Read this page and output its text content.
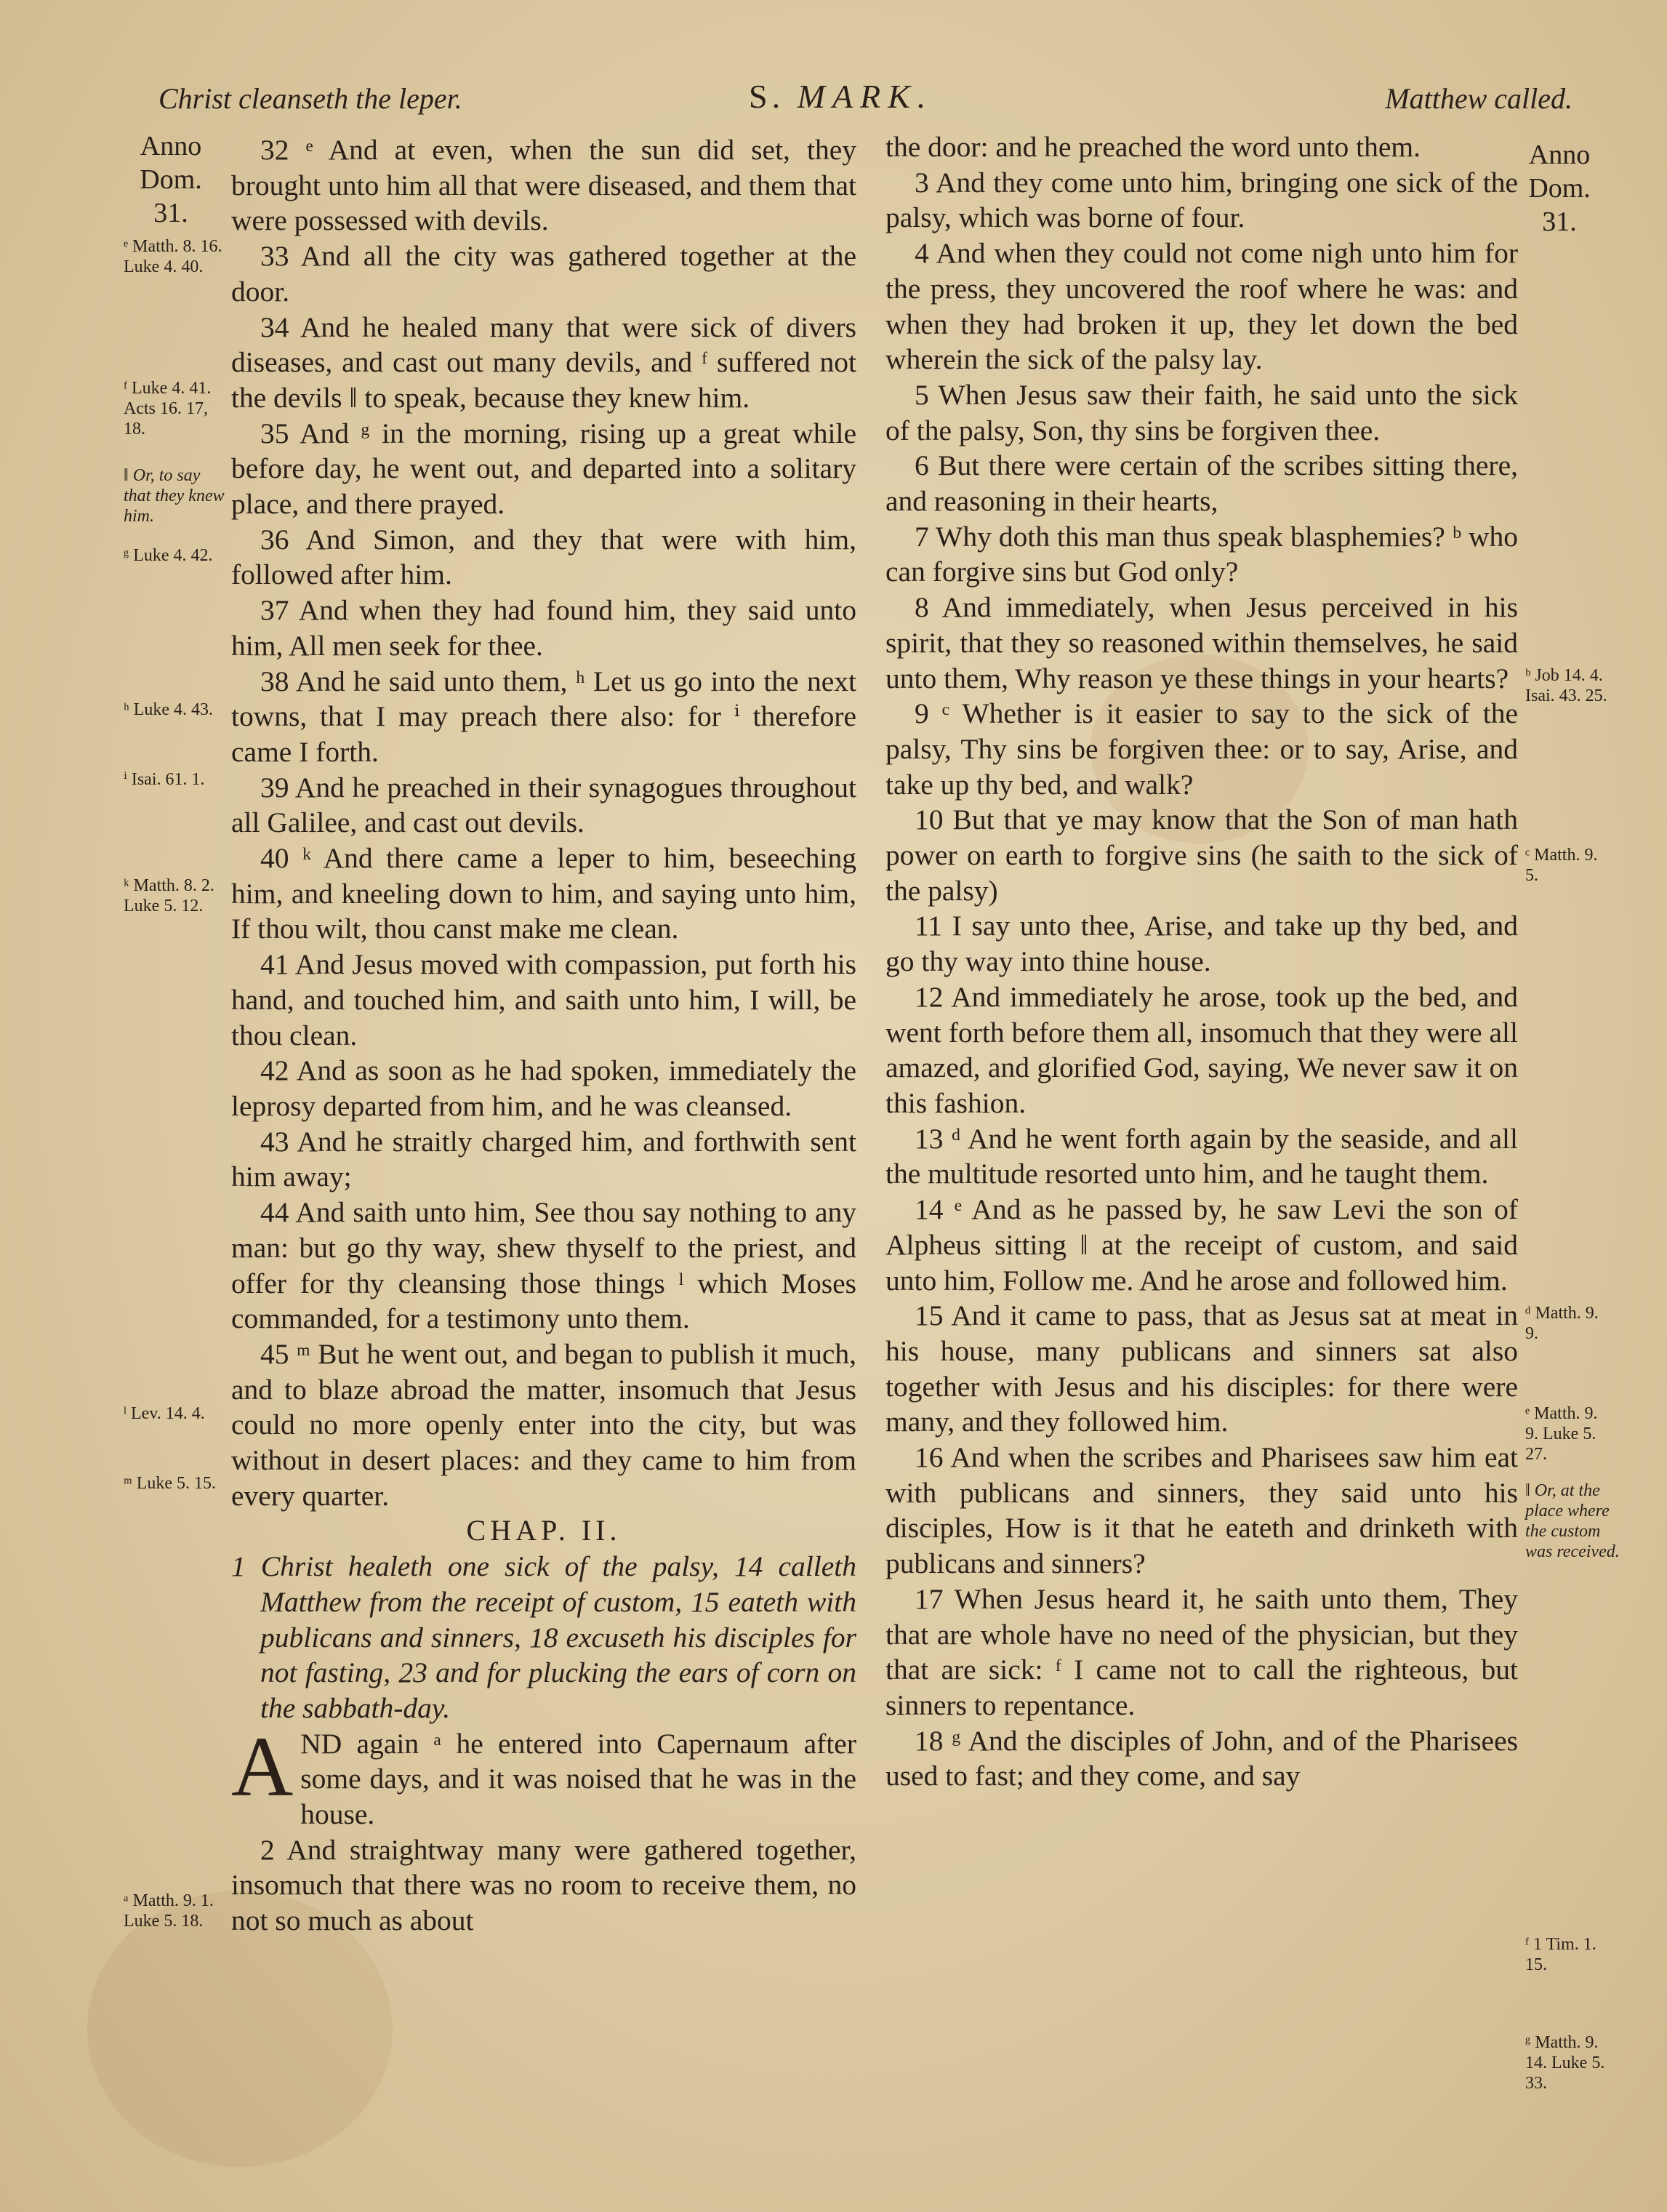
Christ cleanseth the leper.	S. MARK.	Matthew called.
Anno
Dom.
31.
Anno
Dom.
31.
ᵉ Matth. 8. 16. Luke 4. 40.
ᶠ Luke 4. 41. Acts 16. 17, 18.
‖ Or, to say that they knew him.
ᵍ Luke 4. 42.
ʰ Luke 4. 43.
ⁱ Isai. 61. 1.
ᵏ Matth. 8. 2. Luke 5. 12.
ˡ Lev. 14. 4.
ᵐ Luke 5. 15.
ᵃ Matth. 9. 1. Luke 5. 18.
ᵇ Job 14. 4. Isai. 43. 25.
ᶜ Matth. 9. 5.
ᵈ Matth. 9. 9.
ᵉ Matth. 9. 9. Luke 5. 27.
‖ Or, at the place where the custom was received.
ᶠ 1 Tim. 1. 15.
ᵍ Matth. 9. 14. Luke 5. 33.

32 ᵉ And at even, when the sun did set, they brought unto him all that were diseased, and them that were possessed with devils.

33 And all the city was gathered together at the door.

34 And he healed many that were sick of divers diseases, and cast out many devils, and ᶠ suffered not the devils ‖ to speak, because they knew him.

35 And ᵍ in the morning, rising up a great while before day, he went out, and departed into a solitary place, and there prayed.

36 And Simon, and they that were with him, followed after him.

37 And when they had found him, they said unto him, All men seek for thee.

38 And he said unto them, ʰ Let us go into the next towns, that I may preach there also: for ⁱ therefore came I forth.

39 And he preached in their synagogues throughout all Galilee, and cast out devils.

40 ᵏ And there came a leper to him, beseeching him, and kneeling down to him, and saying unto him, If thou wilt, thou canst make me clean.

41 And Jesus moved with compassion, put forth his hand, and touched him, and saith unto him, I will, be thou clean.

42 And as soon as he had spoken, immediately the leprosy departed from him, and he was cleansed.

43 And he straitly charged him, and forthwith sent him away;

44 And saith unto him, See thou say nothing to any man: but go thy way, shew thyself to the priest, and offer for thy cleansing those things ˡ which Moses commanded, for a testimony unto them.

45 ᵐ But he went out, and began to publish it much, and to blaze abroad the matter, insomuch that Jesus could no more openly enter into the city, but was without in desert places: and they came to him from every quarter.

CHAP. II.

1 Christ healeth one sick of the palsy, 14 calleth Matthew from the receipt of custom, 15 eateth with publicans and sinners, 18 excuseth his disciples for not fasting, 23 and for plucking the ears of corn on the sabbath-day.

AND again ᵃ he entered into Capernaum after some days, and it was noised that he was in the house.

2 And straightway many were gathered together, insomuch that there was no room to receive them, no not so much as about

the door: and he preached the word unto them.

3 And they come unto him, bringing one sick of the palsy, which was borne of four.

4 And when they could not come nigh unto him for the press, they uncovered the roof where he was: and when they had broken it up, they let down the bed wherein the sick of the palsy lay.

5 When Jesus saw their faith, he said unto the sick of the palsy, Son, thy sins be forgiven thee.

6 But there were certain of the scribes sitting there, and reasoning in their hearts,

7 Why doth this man thus speak blasphemies? ᵇ who can forgive sins but God only?

8 And immediately, when Jesus perceived in his spirit, that they so reasoned within themselves, he said unto them, Why reason ye these things in your hearts?

9 ᶜ Whether is it easier to say to the sick of the palsy, Thy sins be forgiven thee: or to say, Arise, and take up thy bed, and walk?

10 But that ye may know that the Son of man hath power on earth to forgive sins (he saith to the sick of the palsy)

11 I say unto thee, Arise, and take up thy bed, and go thy way into thine house.

12 And immediately he arose, took up the bed, and went forth before them all, insomuch that they were all amazed, and glorified God, saying, We never saw it on this fashion.

13 ᵈ And he went forth again by the seaside, and all the multitude resorted unto him, and he taught them.

14 ᵉ And as he passed by, he saw Levi the son of Alpheus sitting ‖ at the receipt of custom, and said unto him, Follow me. And he arose and followed him.

15 And it came to pass, that as Jesus sat at meat in his house, many publicans and sinners sat also together with Jesus and his disciples: for there were many, and they followed him.

16 And when the scribes and Pharisees saw him eat with publicans and sinners, they said unto his disciples, How is it that he eateth and drinketh with publicans and sinners?

17 When Jesus heard it, he saith unto them, They that are whole have no need of the physician, but they that are sick: ᶠ I came not to call the righteous, but sinners to repentance.

18 ᵍ And the disciples of John, and of the Pharisees used to fast; and they come, and say
